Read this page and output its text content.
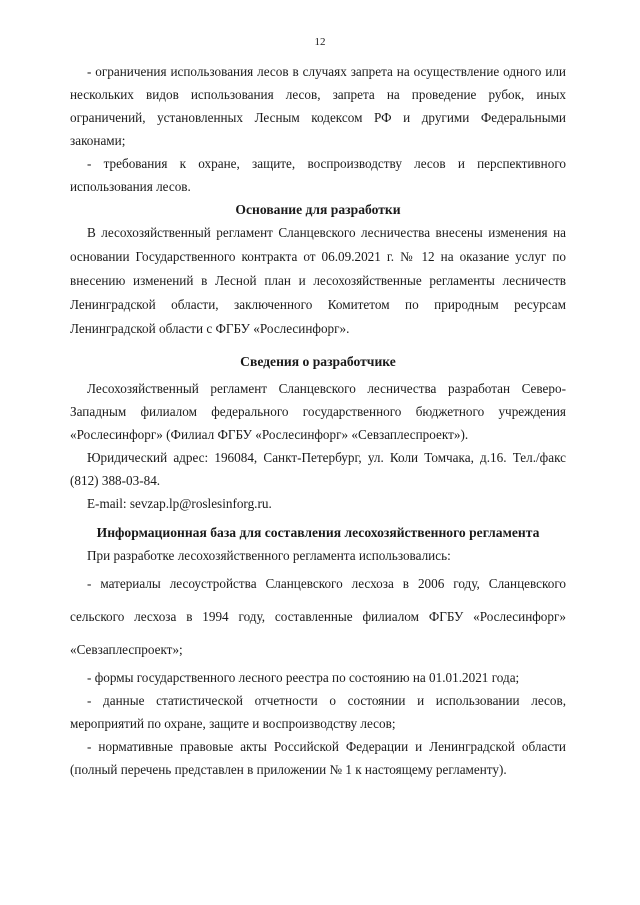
12

- ограничения использования лесов в случаях запрета на осуществление одного или нескольких видов использования лесов, запрета на проведение рубок, иных ограничений, установленных Лесным кодексом РФ и другими Федеральными законами;

- требования к охране, защите, воспроизводству лесов и перспективного использования лесов.

Основание для разработки

В лесохозяйственный регламент Сланцевского лесничества внесены изменения на основании Государственного контракта от 06.09.2021 г. № 12 на оказание услуг по внесению изменений в Лесной план и лесохозяйственные регламенты лесничеств Ленинградской области, заключенного Комитетом по природным ресурсам Ленинградской области с ФГБУ «Рослесинфорг».

Сведения о разработчике

Лесохозяйственный регламент Сланцевского лесничества разработан Северо-Западным филиалом федерального государственного бюджетного учреждения «Рослесинфорг» (Филиал ФГБУ «Рослесинфорг» «Севзаплеспроект»).

Юридический адрес: 196084, Санкт-Петербург, ул. Коли Томчака, д.16. Тел./факс (812) 388-03-84.

E-mail: sevzap.lp@roslesinforg.ru.

Информационная база для составления лесохозяйственного регламента

При разработке лесохозяйственного регламента использовались:

- материалы лесоустройства Сланцевского лесхоза в 2006 году, Сланцевского сельского лесхоза в 1994 году, составленные филиалом ФГБУ «Рослесинфорг» «Севзаплеспроект»;

- формы государственного лесного реестра по состоянию на 01.01.2021 года;

- данные статистической отчетности о состоянии и использовании лесов, мероприятий по охране, защите и воспроизводству лесов;

- нормативные правовые акты Российской Федерации и Ленинградской области (полный перечень представлен в приложении № 1 к настоящему регламенту).
